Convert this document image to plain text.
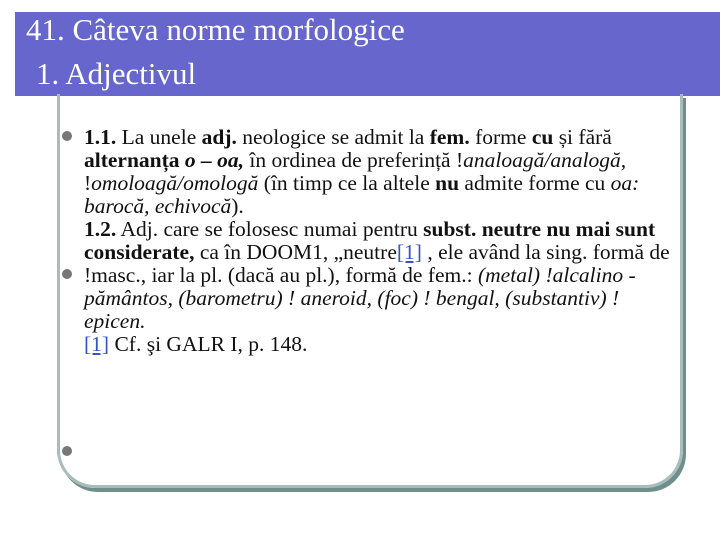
41. Câteva norme morfologice
1. Adjectivul

1.1. La unele adj. neologice se admit la fem. forme cu și fără alternanța o – oa, în ordinea de preferință !analoagă/analogă, !omoloagă/omologă (în timp ce la altele nu admite forme cu oa: barocă, echivocă).

1.2. Adj. care se folosesc numai pentru subst. neutre nu mai sunt considerate, ca în DOOM1, „neutre[1] , ele având la sing. formă de !masc., iar la pl. (dacă au pl.), formă de fem.: (metal) !alcalino -pământos, (barometru) ! aneroid, (foc) ! bengal, (substantiv) ! epicen.

[1] Cf. şi GALR I, p. 148.
